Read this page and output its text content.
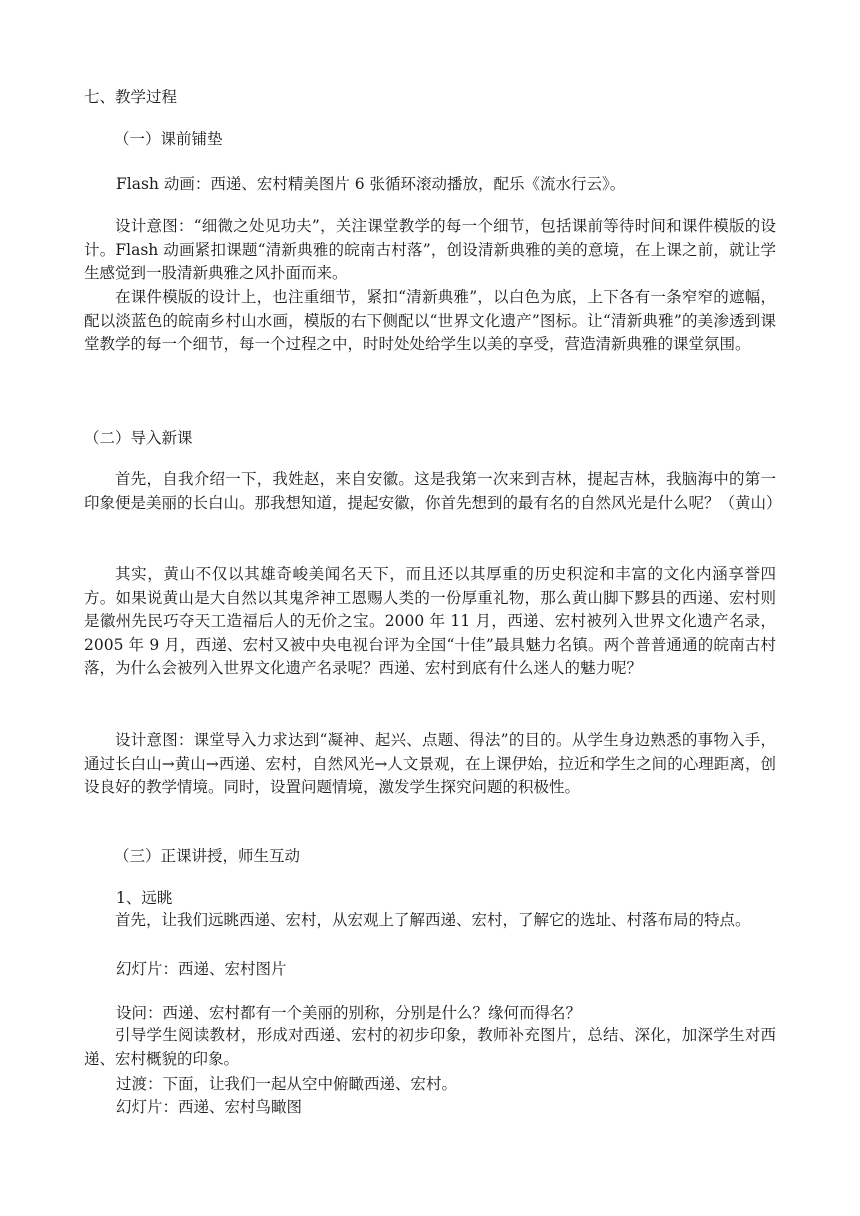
七、教学过程
（一）课前铺垫
Flash 动画：西递、宏村精美图片 6 张循环滚动播放，配乐《流水行云》。
设计意图：“细微之处见功夫”，关注课堂教学的每一个细节，包括课前等待时间和课件模版的设计。Flash 动画紧扣课题“清新典雅的皖南古村落”，创设清新典雅的美的意境，在上课之前，就让学生感觉到一股清新典雅之风扑面而来。
在课件模版的设计上，也注重细节，紧扣“清新典雅”，以白色为底，上下各有一条窄窄的遮幅，配以淡蓝色的皖南乡村山水画，模版的右下侧配以“世界文化遗产”图标。让“清新典雅”的美渗透到课堂教学的每一个细节，每一个过程之中，时时处处给学生以美的享受，营造清新典雅的课堂氛围。
（二）导入新课
首先，自我介绍一下，我姓赵，来自安徽。这是我第一次来到吉林，提起吉林，我脑海中的第一印象便是美丽的长白山。那我想知道，提起安徽，你首先想到的最有名的自然风光是什么呢？（黄山）
其实，黄山不仅以其雄奇峻美闻名天下，而且还以其厚重的历史积淀和丰富的文化内涵享誉四方。如果说黄山是大自然以其鬼斧神工恩赐人类的一份厚重礼物，那么黄山脚下黟县的西递、宏村则是徽州先民巧夺天工造福后人的无价之宝。2000 年 11 月，西递、宏村被列入世界文化遗产名录，2005 年 9 月，西递、宏村又被中央电视台评为全国“十佳”最具魅力名镇。两个普普通通的皖南古村落，为什么会被列入世界文化遗产名录呢？西递、宏村到底有什么迷人的魅力呢？
设计意图：课堂导入力求达到“凝神、起兴、点题、得法”的目的。从学生身边熟悉的事物入手，通过长白山→黄山→西递、宏村，自然风光→人文景观，在上课伊始，拉近和学生之间的心理距离，创设良好的教学情境。同时，设置问题情境，激发学生探究问题的积极性。
（三）正课讲授，师生互动
1、远眺
首先，让我们远眺西递、宏村，从宏观上了解西递、宏村，了解它的选址、村落布局的特点。
幻灯片：西递、宏村图片
设问：西递、宏村都有一个美丽的别称，分别是什么？缘何而得名？
引导学生阅读教材，形成对西递、宏村的初步印象，教师补充图片，总结、深化，加深学生对西递、宏村概貌的印象。
过渡：下面，让我们一起从空中俯瞰西递、宏村。
幻灯片：西递、宏村鸟瞰图
